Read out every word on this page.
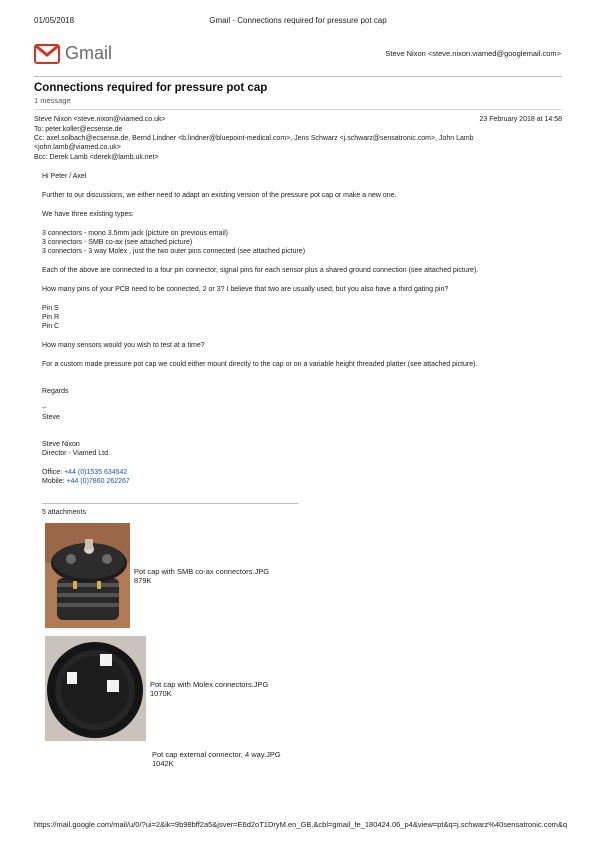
01/05/2018	Gmail - Connections required for pressure pot cap
Gmail	Steve Nixon <steve.nixon.viamed@googlemail.com>
Connections required for pressure pot cap
1 message
Steve Nixon <steve.nixon@viamed.co.uk>	23 February 2018 at 14:58
To: peter.koller@ecsense.de
Cc: axel.solbach@ecsense.de, Bernd Lindner <b.lindner@bluepoint-medical.com>, Jens Schwarz <j.schwarz@sensatronic.com>, John Lamb
<john.lamb@viamed.co.uk>
Bcc: Derek Lamb <derek@lamb.uk.net>

Hi Peter / Axel

Further to our discussions, we either need to adapt an existing version of the pressure pot cap or make a new one.

We have three existing types:

3 connectors - mono 3.5mm jack (picture on previous email)
3 connectors - SMB co-ax (see attached picture)
3 connectors - 3 way Molex , just the two outer pins connected (see attached picture)

Each of the above are connected to a four pin connector, signal pins for each sensor plus a shared ground connection (see attached picture).

How many pins of your PCB need to be connected, 2 or 3? I believe that two are usually used, but you also have a third gating pin?

Pin S
Pin R
Pin C

How many sensors would you wish to test at a time?

For a custom made pressure pot cap we could either mount directly to the cap or on a variable height threaded platter (see attached picture).

Regards

--
Steve

Steve Nixon
Director - Viamed Ltd.

Office: +44 (0)1535 634542
Mobile: +44 (0)7860 262267

5 attachments
Pot cap with SMB co-ax connectors.JPG
879K
Pot cap with Molex connectors.JPG
1070K
Pot cap external connector, 4 way.JPG
1042K
https://mail.google.com/mail/u/0/?ui=2&ik=9b98bff2a5&jsver=E6d2oT1DryM.en_GB.&cbl=gmail_fe_180424.06_p4&view=pt&q=j.schwarz%40sensatronic.com&q
